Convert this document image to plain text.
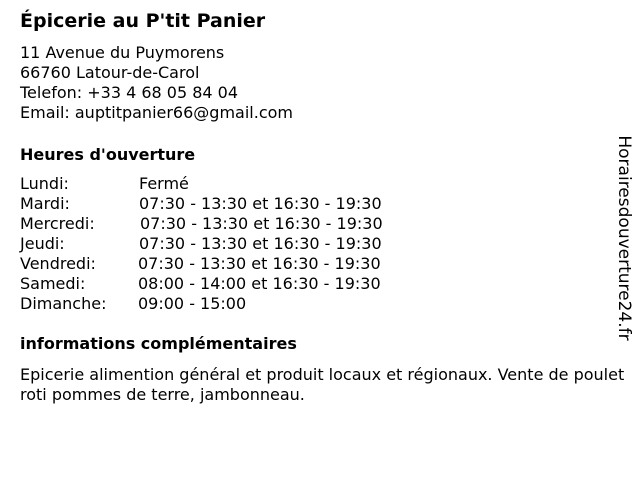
Épicerie au P'tit Panier
11 Avenue du Puymorens
66760 Latour-de-Carol
Telefon: +33 4 68 05 84 04
Email: auptitpanier66@gmail.com
Heures d'ouverture
Lundi:	Fermé
Mardi:	07:30 - 13:30 et 16:30 - 19:30
Mercredi:	07:30 - 13:30 et 16:30 - 19:30
Jeudi:	07:30 - 13:30 et 16:30 - 19:30
Vendredi:	07:30 - 13:30 et 16:30 - 19:30
Samedi:	08:00 - 14:00 et 16:30 - 19:30
Dimanche: 09:00 - 15:00
informations complémentaires
Epicerie alimention général et produit locaux et régionaux. Vente de poulet roti pommes de terre, jambonneau.
Horairesdouverture24.fr
